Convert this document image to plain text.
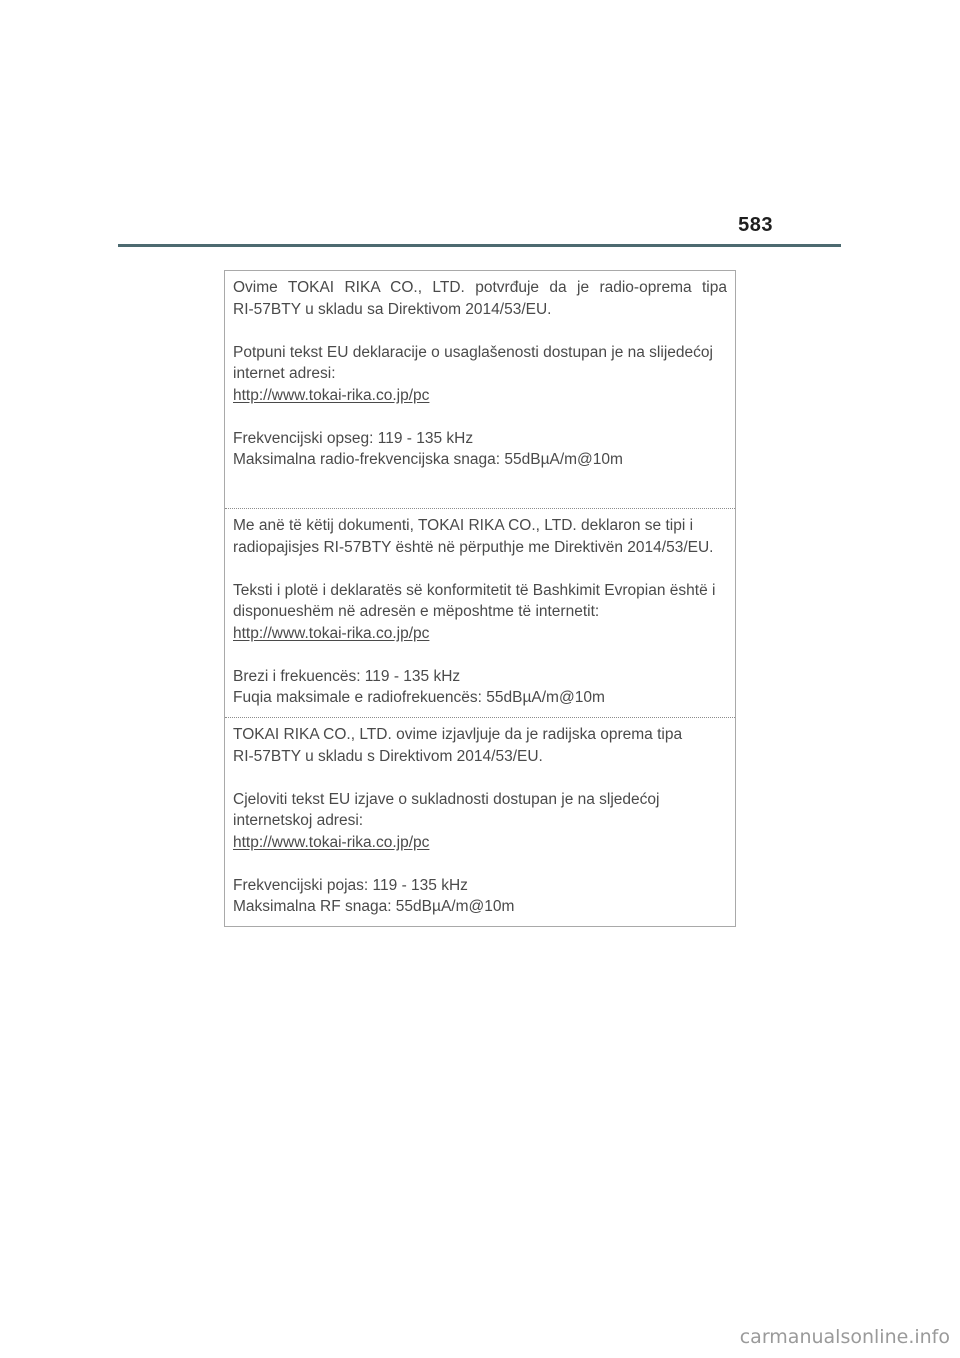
583
Ovime TOKAI RIKA CO., LTD. potvrđuje da je radio-oprema tipa
RI-57BTY u skladu sa Direktivom 2014/53/EU.
Potpuni tekst EU deklaracije o usaglašenosti dostupan je na slijedećoj
internet adresi:
http://www.tokai-rika.co.jp/pc
Frekvencijski opseg: 119 - 135 kHz
Maksimalna radio-frekvencijska snaga: 55dBµA/m@10m
Me anë të këtij dokumenti, TOKAI RIKA CO., LTD. deklaron se tipi i
radiopajisjes RI-57BTY është në përputhje me Direktivën 2014/53/EU.
Teksti i plotë i deklaratës së konformitetit të Bashkimit Evropian është i
disponueshëm në adresën e mëposhtme të internetit:
http://www.tokai-rika.co.jp/pc
Brezi i frekuencës: 119 - 135 kHz
Fuqia maksimale e radiofrekuencës: 55dBµA/m@10m
TOKAI RIKA CO., LTD. ovime izjavljuje da je radijska oprema tipa
RI-57BTY u skladu s Direktivom 2014/53/EU.
Cjeloviti tekst EU izjave o sukladnosti dostupan je na sljedećoj
internetskoj adresi:
http://www.tokai-rika.co.jp/pc
Frekvencijski pojas: 119 - 135 kHz
Maksimalna RF snaga: 55dBµA/m@10m
carmanualsonline.info
